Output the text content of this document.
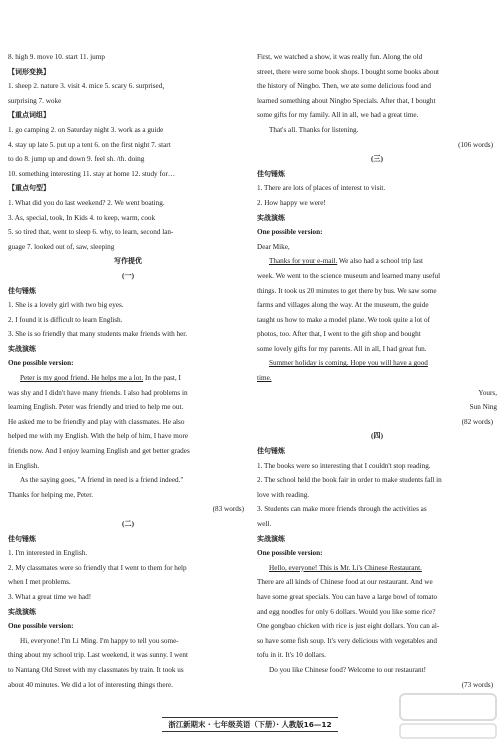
8. high 9. move 10. start 11. jump

【词形变换】

1. sheep 2. nature 3. visit 4. mice 5. scary 6. surprised，

surprising 7. woke

【重点词组】

1. go camping 2. on Saturday night 3. work as a guide

4. stay up late 5. put up a tent 6. on the first night 7. start

to do 8. jump up and down 9. feel sh. /th. doing

10. something interesting 11. stay at home 12. study for…

【重点句型】

1. What did you do last weekend? 2. We went boating.

3. As, special, took, In Kids 4. to keep, warm, cook

5. so tired that, went to sleep 6. why, to learn, second lan-

guage 7. looked out of, saw, sleeping

写作提优

(一)

佳句锤炼

1. She is a lovely girl with two big eyes.

2. I found it is difficult to learn English.

3. She is so friendly that many students make friends with her.

实战演练

One possible version:

Peter is my good friend. He helps me a lot. In the past, I

was shy and I didn't have many friends. I also had problems in

learning English. Peter was friendly and tried to help me out.

He asked me to be friendly and play with classmates. He also

helped me with my English. With the help of him, I have more

friends now. And I enjoy learning English and get better grades

in English.

As the saying goes, "A friend in need is a friend indeed."

Thanks for helping me, Peter.

(83 words)

(二)

佳句锤炼

1. I'm interested in English.

2. My classmates were so friendly that I went to them for help

when I met problems.

3. What a great time we had!

实战演练

One possible version:

Hi, everyone! I'm Li Ming. I'm happy to tell you some-

thing about my school trip. Last weekend, it was sunny. I went

to Nantang Old Street with my classmates by train. It took us

about 40 minutes. We did a lot of interesting things there.

First, we watched a show, it was really fun. Along the old

street, there were some book shops. I bought some books about

the history of Ningbo. Then, we ate some delicious food and

learned something about Ningbo Specials. After that, I bought

some gifts for my family. All in all, we had a great time.

That's all. Thanks for listening.

(106 words)

(三)

佳句锤炼

1. There are lots of places of interest to visit.

2. How happy we were!

实战演练

One possible version:

Dear Mike,

Thanks for your e-mail. We also had a school trip last

week. We went to the science museum and learned many useful

things. It took us 20 minutes to get there by bus. We saw some

farms and villages along the way. At the museum, the guide

taught us how to make a model plane. We took quite a lot of

photos, too. After that, I went to the gift shop and bought

some lovely gifts for my parents. All in all, I had great fun.

Summer holiday is coming. Hope you will have a good

time.

Yours,

Sun Ning

(82 words)

(四)

佳句锤炼

1. The books were so interesting that I couldn't stop reading.

2. The school held the book fair in order to make students fall in

love with reading.

3. Students can make more friends through the activities as

well.

实战演练

One possible version:

Hello, everyone! This is Mr. Li's Chinese Restaurant.

There are all kinds of Chinese food at our restaurant. And we

have some great specials. You can have a large bowl of tomato

and egg noodles for only 6 dollars. Would you like some rice?

One gongbao chicken with rice is just eight dollars. You can al-

so have some fish soup. It's very delicious with vegetables and

tofu in it. It's 10 dollars.

Do you like Chinese food? Welcome to our restaurant!

(73 words)

浙江新期末 · 七年级英语（下册）· 人教版16—12
